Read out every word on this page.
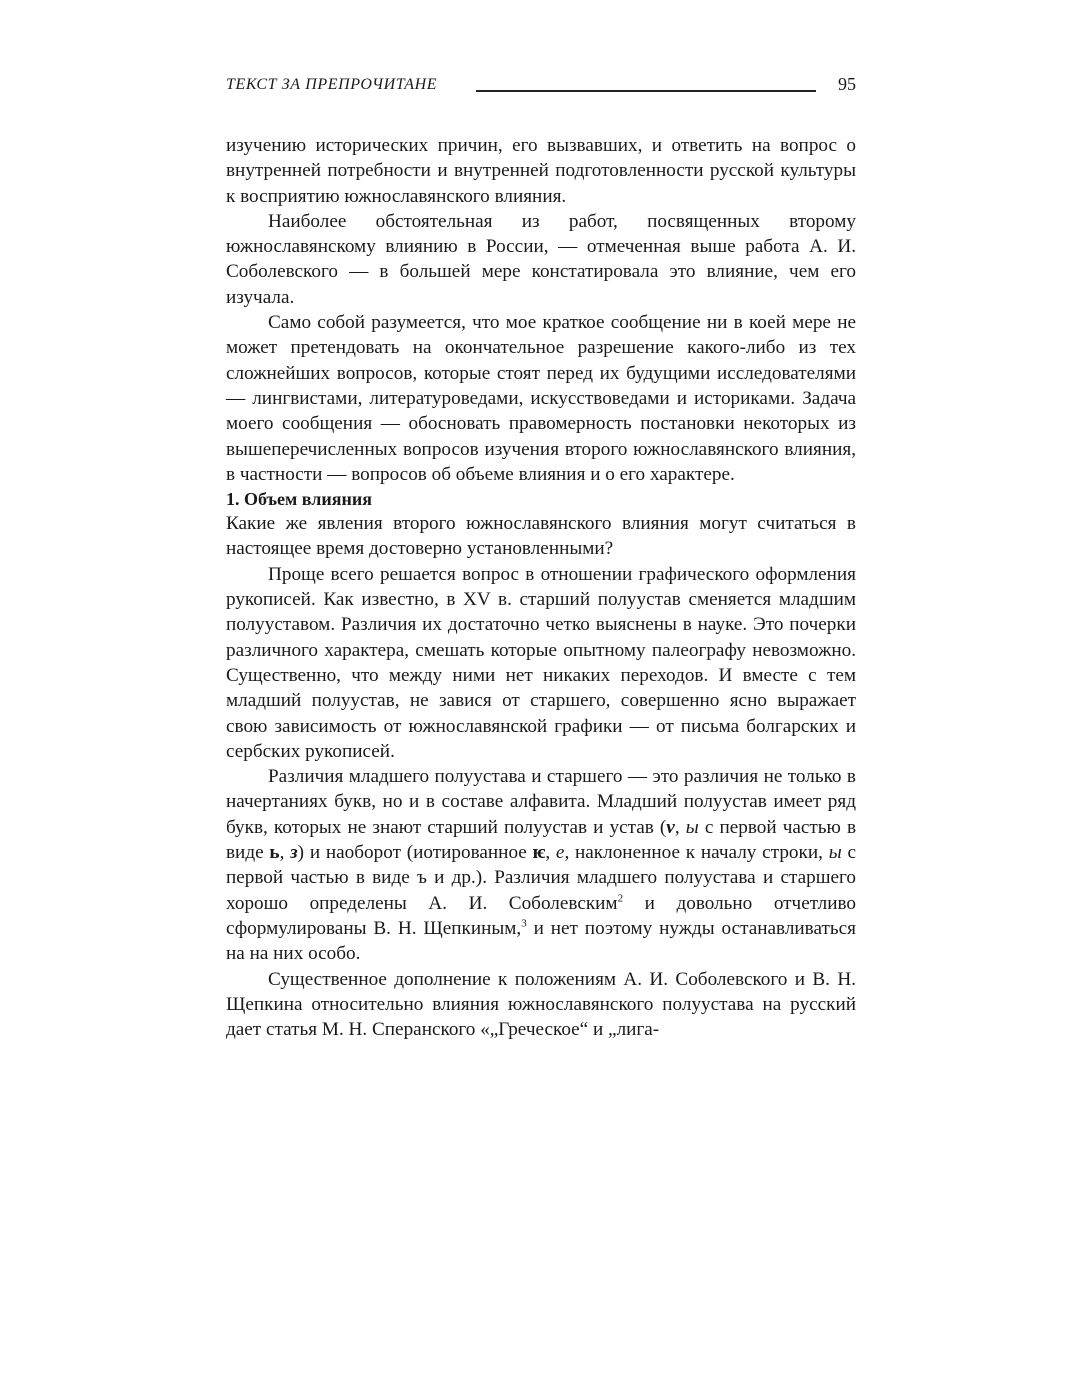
ТЕКСТ ЗА ПРЕПРОЧИТАНЕ	95

изучению исторических причин, его вызвавших, и ответить на вопрос о внутренней потребности и внутренней подготовленности русской культуры к восприятию южнославянского влияния.

Наиболее обстоятельная из работ, посвященных второму южнославянскому влиянию в России, — отмеченная выше работа А. И. Соболевского — в большей мере констатировала это влияние, чем его изучала.

Само собой разумеется, что мое краткое сообщение ни в коей мере не может претендовать на окончательное разрешение какого-либо из тех сложнейших вопросов, которые стоят перед их будущими исследователями — лингвистами, литературоведами, искусствоведами и историками. Задача моего сообщения — обосновать правомерность постановки некоторых из вышеперечисленных вопросов изучения второго южнославянского влияния, в частности — вопросов об объеме влияния и о его характере.

1. Объем влияния

Какие же явления второго южнославянского влияния могут считаться в настоящее время достоверно установленными?

Проще всего решается вопрос в отношении графического оформления рукописей. Как известно, в XV в. старший полуустав сменяется младшим полууставом. Различия их достаточно четко выяснены в науке. Это почерки различного характера, смешать которые опытному палеографу невозможно. Существенно, что между ними нет никаких переходов. И вместе с тем младший полуустав, не завися от старшего, совершенно ясно выражает свою зависимость от южнославянской графики — от письма болгарских и сербских рукописей.

Различия младшего полуустава и старшего — это различия не только в начертаниях букв, но и в составе алфавита. Младший полуустав имеет ряд букв, которых не знают старший полуустав и устав (v, ы с первой частью в виде ь, з) и наоборот (иотированное ѥ, е, наклоненное к началу строки, ы с первой частью в виде ъ и др.). Различия младшего полуустава и старшего хорошо определены А. И. Соболевским$^2$ и довольно отчетливо сформулированы В. Н. Щепкиным,$^3$ и нет поэтому нужды останавливаться на на них особо.

Существенное дополнение к положениям А. И. Соболевского и В. Н. Щепкина относительно влияния южнославянского полуустава на русский дает статья М. Н. Сперанского «„Греческое“ и „лига-
